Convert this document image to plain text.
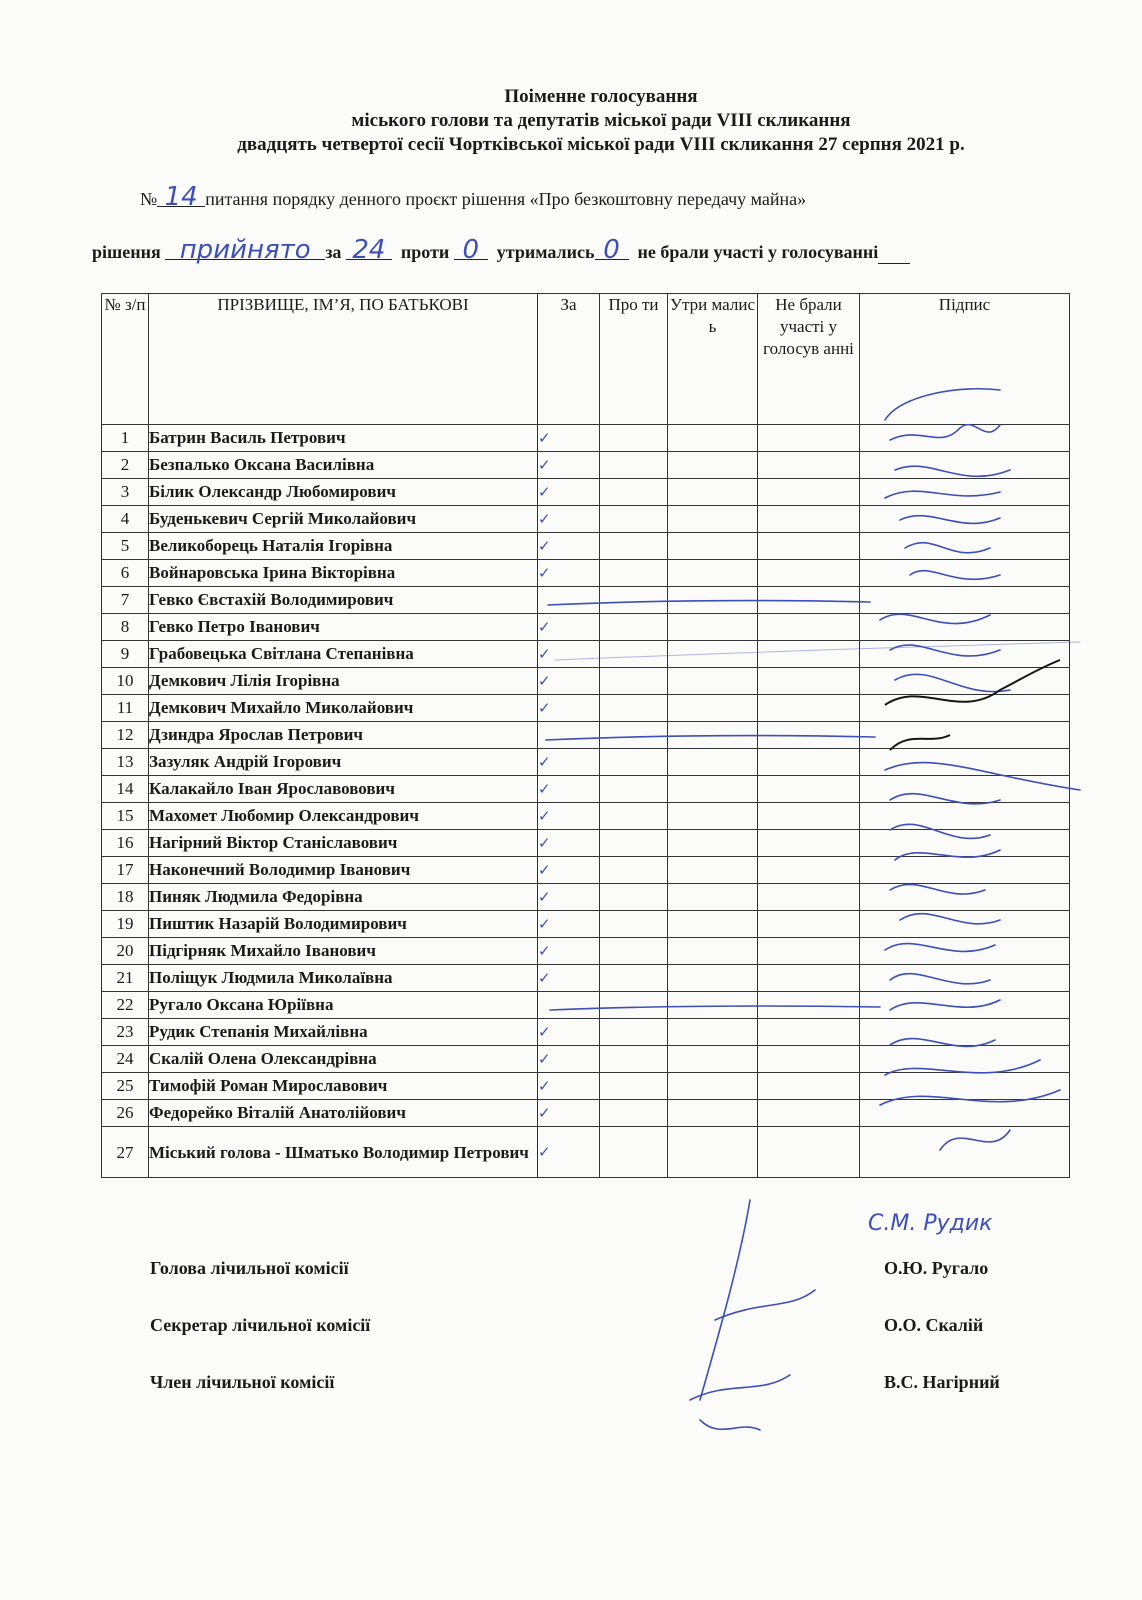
Поіменне голосування
міського голови та депутатів міської ради VIII скликання
двадцять четвертої сесії Чортківської міської ради VIII скликання 27 серпня 2021 р.
№ 14 питання порядку денного проєкт рішення «Про безкоштовну передачу майна»
рішення прийнято за 24 проти 0 утримались 0 не брали участі у голосуванні
№ з/п	ПРІЗВИЩЕ, ІМ’Я, ПО БАТЬКОВІ	За	Про ти	Утри малис ь	Не брали участі у голосув анні	Підпис
1	Батрин Василь Петрович	✓				
2	Безпалько Оксана Василівна	✓				
3	Білик Олександр Любомирович	✓				
4	Буденькевич Сергій Миколайович	✓				
5	Великоборець Наталія Ігорівна	✓				
6	Войнаровська Ірина Вікторівна	✓				
7	Гевко Євстахій Володимирович					
8	Гевко Петро Іванович	✓				
9	Грабовецька Світлана Степанівна	✓				
10	Демкович Лілія Ігорівна	✓				
11	Демкович Михайло Миколайович	✓				
12	Дзиндра Ярослав Петрович					
13	Зазуляк Андрій Ігорович	✓				
14	Калакайло Іван Ярославовович	✓				
15	Махомет Любомир Олександрович	✓				
16	Нагірний Віктор Станіславович	✓				
17	Наконечний Володимир Іванович	✓				
18	Пиняк Людмила Федорівна	✓				
19	Пиштик Назарій Володимирович	✓				
20	Підгірняк Михайло Іванович	✓				
21	Поліщук Людмила Миколаївна	✓				
22	Ругало Оксана Юріївна					
23	Рудик Степанія Михайлівна	✓				
24	Скалій Олена Олександрівна	✓				
25	Тимофій Роман Мирославович	✓				
26	Федорейко Віталій Анатолійович	✓				
27	Міський голова - Шматько Володимир Петрович	✓				
С.М. Рудик
Голова лічильної комісії	О.Ю. Ругало
Секретар лічильної комісії	О.О. Скалій
Член лічильної комісії	В.С. Нагірний
